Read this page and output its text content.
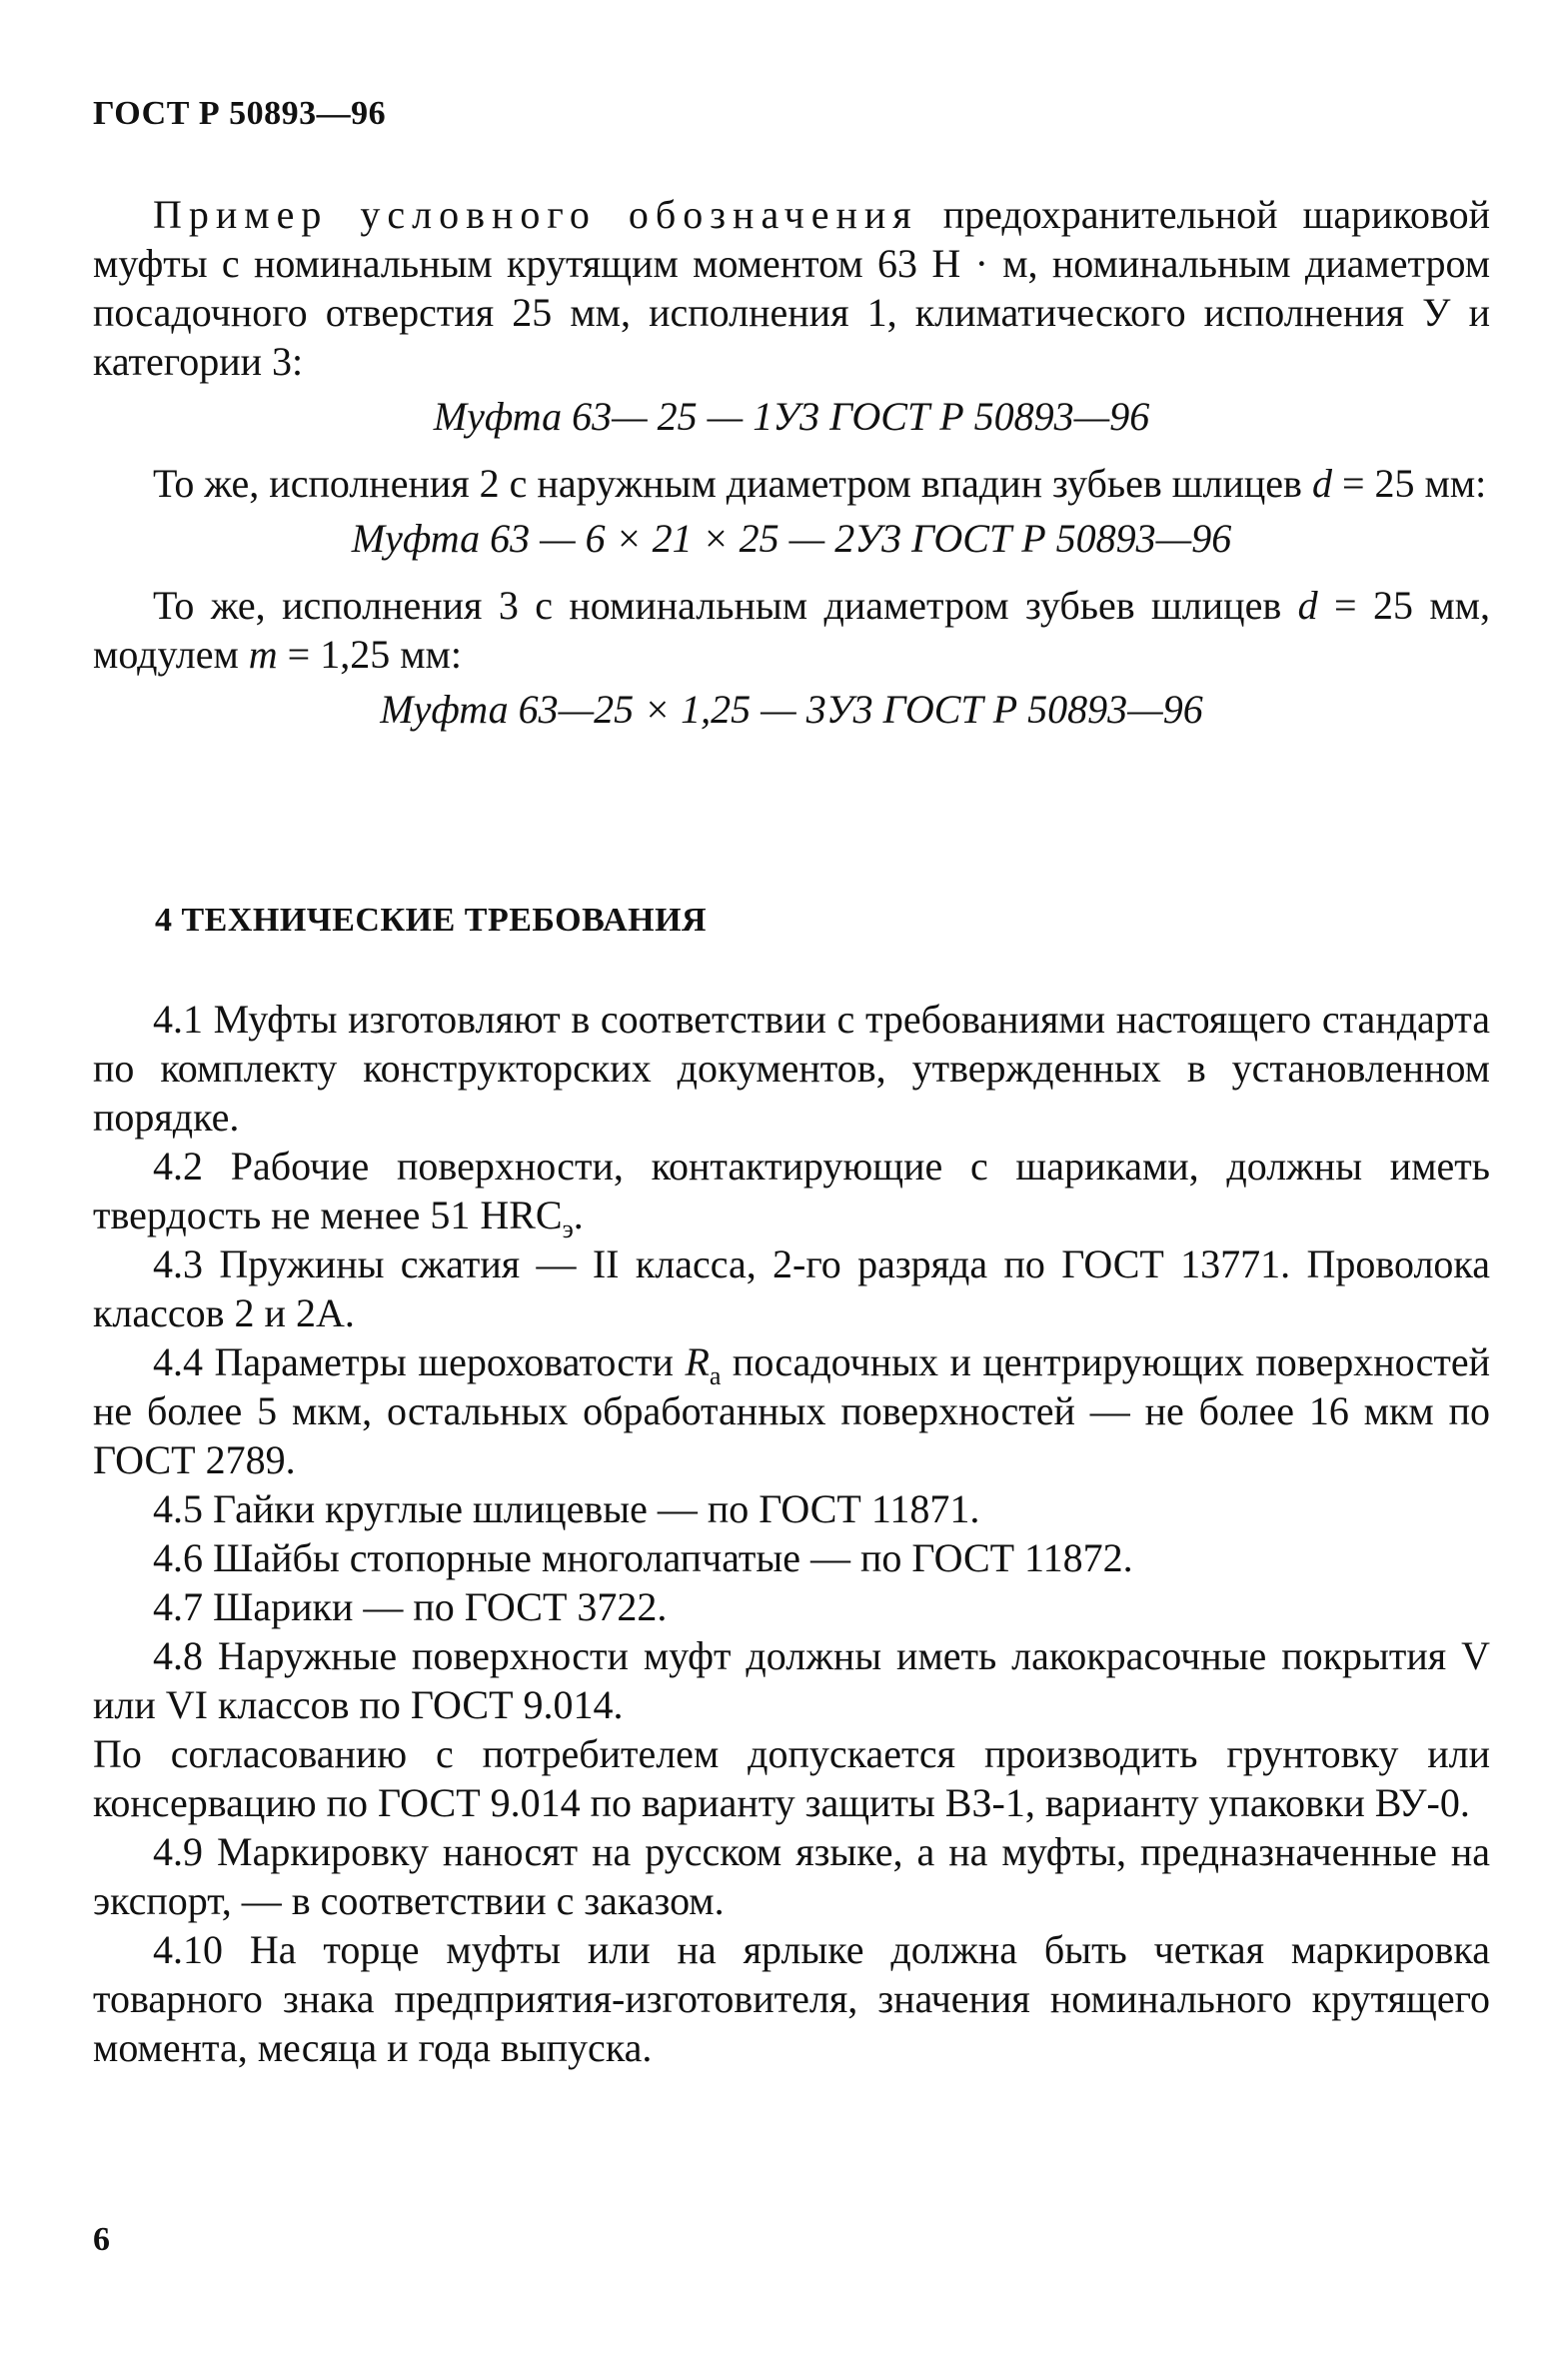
ГОСТ Р 50893—96

Пример условного обозначения предохранительной шариковой муфты с номинальным крутящим моментом 63 Н · м, номинальным диаметром посадочного отверстия 25 мм, исполнения 1, климатического исполнения У и категории 3:

Муфта 63— 25 — 1У3 ГОСТ Р 50893—96

То же, исполнения 2 с наружным диаметром впадин зубьев шлицев d = 25 мм:

Муфта 63 — 6 × 21 × 25 — 2У3 ГОСТ Р 50893—96

То же, исполнения 3 с номинальным диаметром зубьев шлицев d = 25 мм, модулем m = 1,25 мм:

Муфта 63—25 × 1,25 — 3У3 ГОСТ Р 50893—96

4 ТЕХНИЧЕСКИЕ ТРЕБОВАНИЯ

4.1 Муфты изготовляют в соответствии с требованиями настоящего стандарта по комплекту конструкторских документов, утвержденных в установленном порядке.

4.2 Рабочие поверхности, контактирующие с шариками, должны иметь твердость не менее 51 $HRC_э$.

4.3 Пружины сжатия — II класса, 2-го разряда по ГОСТ 13771. Проволока классов 2 и 2А.

4.4 Параметры шероховатости $R_a$ посадочных и центрирующих поверхностей не более 5 мкм, остальных обработанных поверхностей — не более 16 мкм по ГОСТ 2789.

4.5 Гайки круглые шлицевые — по ГОСТ 11871.

4.6 Шайбы стопорные многолапчатые — по ГОСТ 11872.

4.7 Шарики — по ГОСТ 3722.

4.8 Наружные поверхности муфт должны иметь лакокрасочные покрытия V или VI классов по ГОСТ 9.014.

По согласованию с потребителем допускается производить грунтовку или консервацию по ГОСТ 9.014 по варианту защиты ВЗ-1, варианту упаковки ВУ-0.

4.9 Маркировку наносят на русском языке, а на муфты, предназначенные на экспорт, — в соответствии с заказом.

4.10 На торце муфты или на ярлыке должна быть четкая маркировка товарного знака предприятия-изготовителя, значения номинального крутящего момента, месяца и года выпуска.

6
